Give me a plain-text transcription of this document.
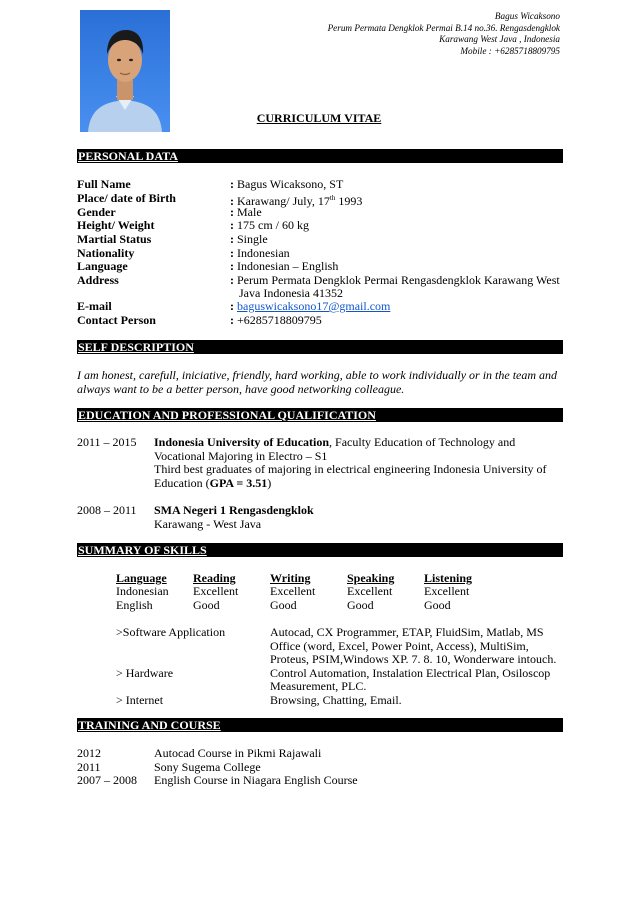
Bagus Wicaksono
Perum Permata Dengklok Permai B.14 no.36. Rengasdengklok
Karawang West Java , Indonesia
Mobile : +6285718809795
CURRICULUM VITAE
PERSONAL DATA
Full Name	: Bagus Wicaksono, ST
Place/ date of Birth	: Karawang/ July, 17th 1993
Gender	: Male
Height/ Weight	: 175 cm / 60 kg
Martial Status	: Single
Nationality	: Indonesian
Language	: Indonesian – English
Address	: Perum Permata Dengklok Permai Rengasdengklok Karawang West
Java Indonesia 41352
E-mail	: baguswicaksono17@gmail.com
Contact Person	: +6285718809795
SELF DESCRIPTION
I am honest, carefull, iniciative, friendly, hard working, able to work individually or in the team and
always want to be a better person, have good networking colleague.
EDUCATION AND PROFESSIONAL QUALIFICATION
2011 – 2015 Indonesia University of Education, Faculty Education of Technology and
Vocational Majoring in Electro – S1
Third best graduates of majoring in electrical engineering Indonesia University of
Education (GPA = 3.51)
2008 – 2011 SMA Negeri 1 Rengasdengklok
Karawang - West Java
SUMMARY OF SKILLS
Language Reading	Writing	Speaking Listening
Indonesian Excellent	Excellent	Excellent	Excellent
English	Good	Good	Good	Good
>Software Application	Autocad, CX Programmer, ETAP, FluidSim, Matlab, MS
Office (word, Excel, Power Point, Access), MultiSim,
Proteus, PSIM,Windows XP. 7. 8. 10, Wonderware intouch.
> Hardware	Control Automation, Instalation Electrical Plan, Osiloscop
Measurement, PLC.
> Internet	Browsing, Chatting, Email.
TRAINING AND COURSE
2012	Autocad Course in Pikmi Rajawali
2011	Sony Sugema College
2007 – 2008 English Course in Niagara English Course
